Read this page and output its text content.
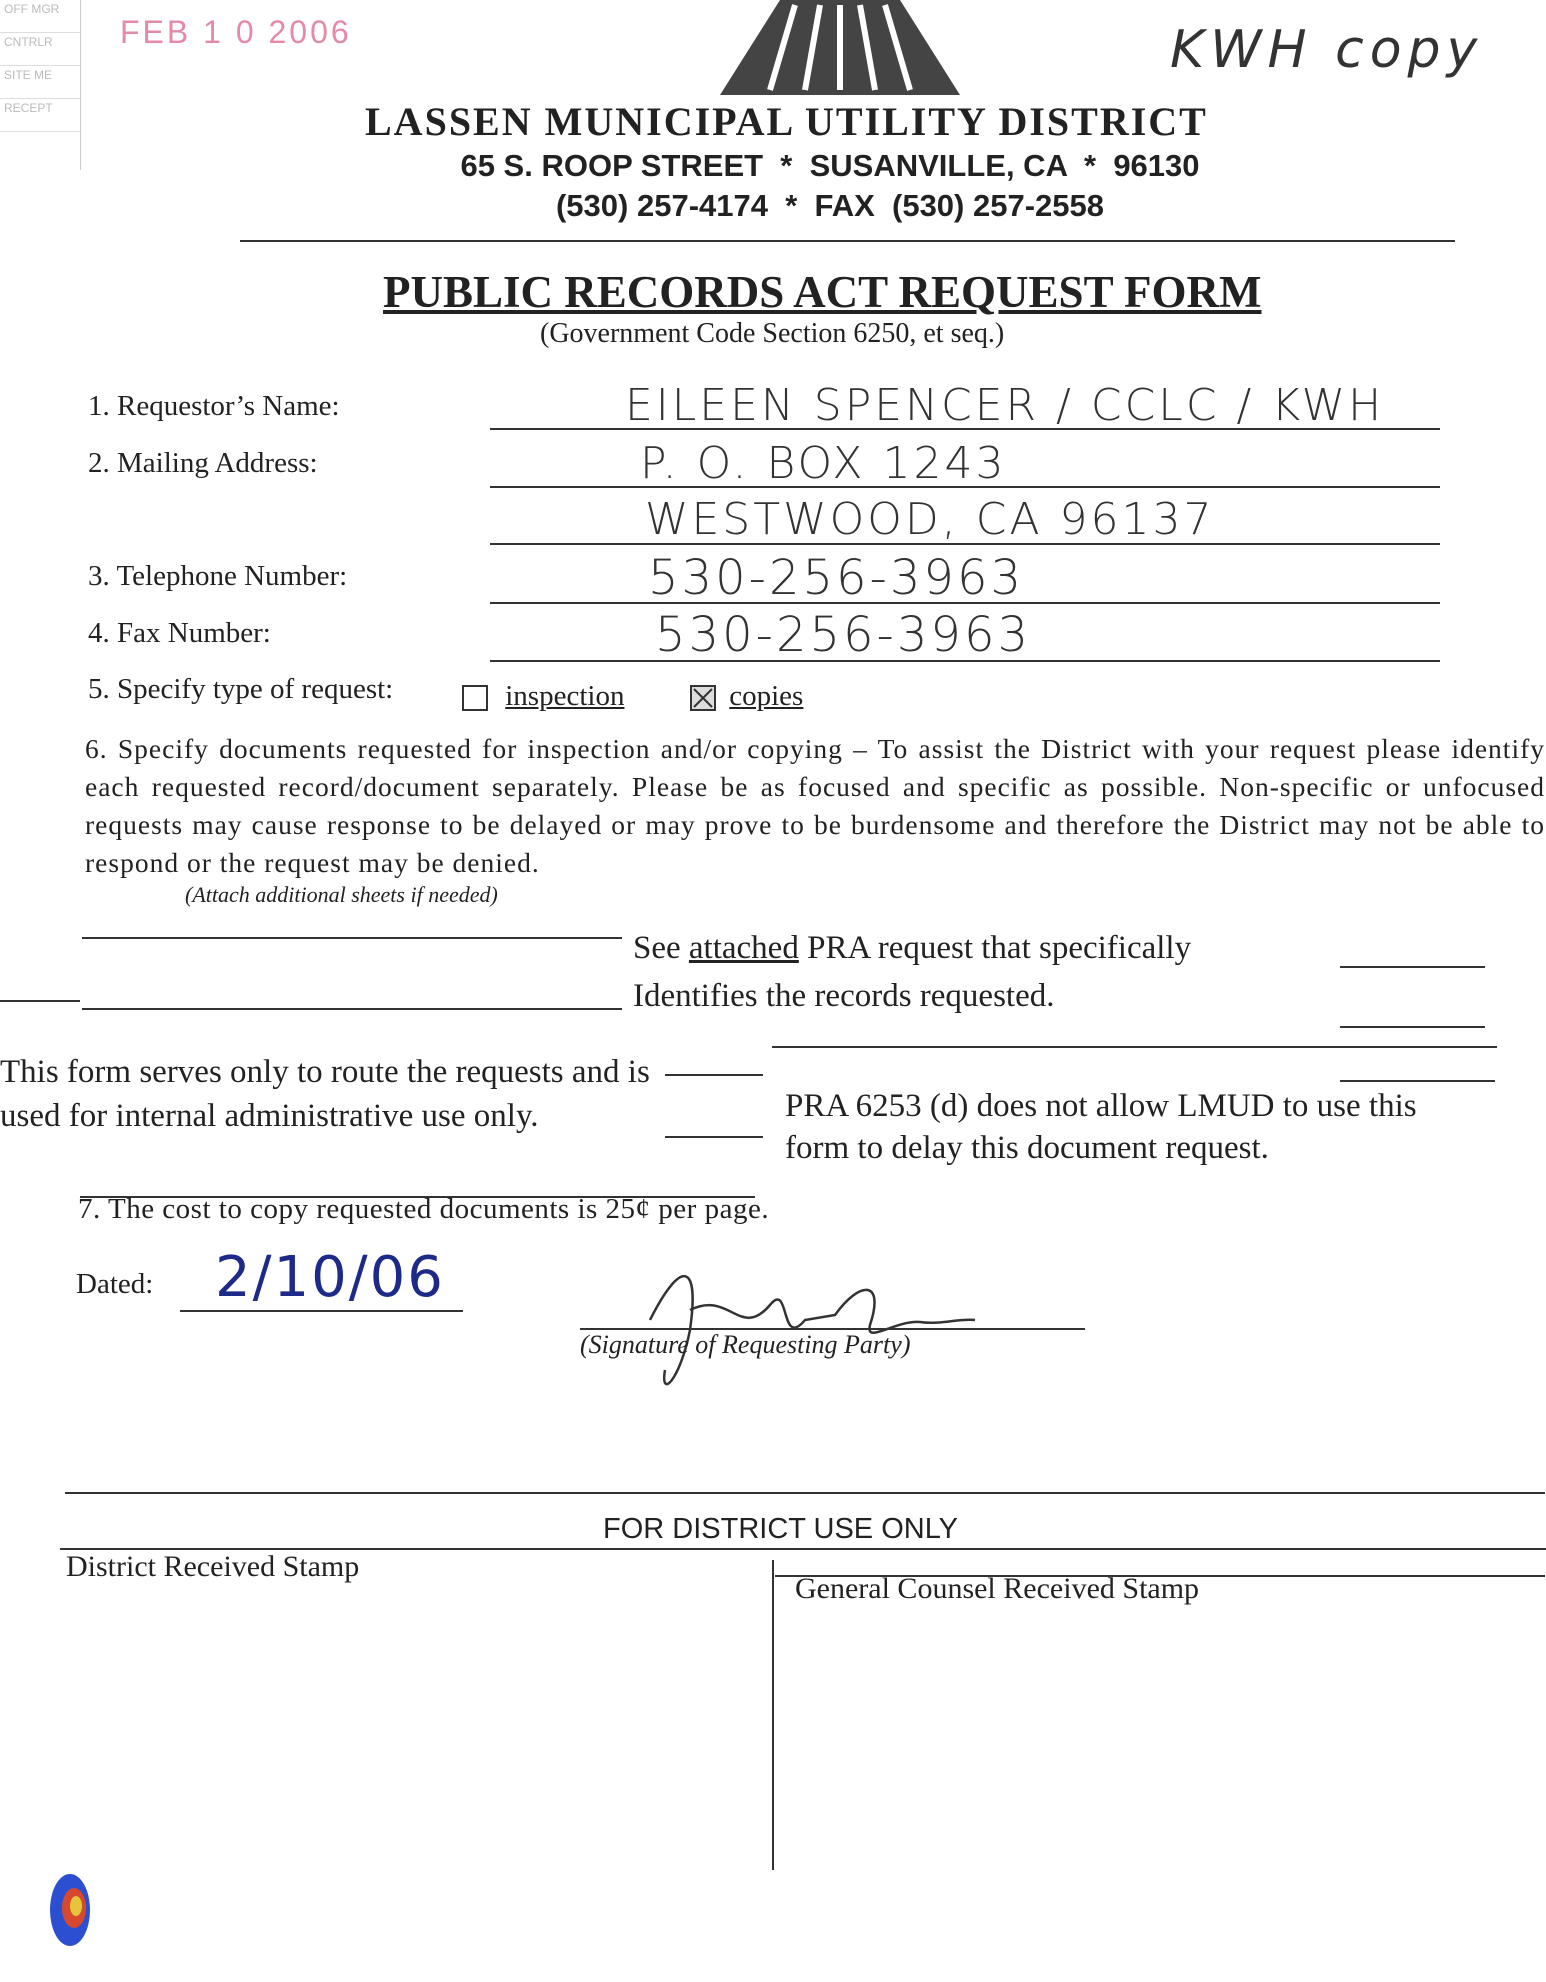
OFF MGR
CNTRLR
SITE ME
RECEPT
FEB 1 0 2006	KWH copy
LASSEN MUNICIPAL UTILITY DISTRICT
65 S. ROOP STREET  *  SUSANVILLE, CA  *  96130
(530) 257-4174  *  FAX  (530) 257-2558
PUBLIC RECORDS ACT REQUEST FORM
(Government Code Section 6250, et seq.)
1. Requestor’s Name:	EILEEN SPENCER / CCLC / KWH
2. Mailing Address:	P. O. BOX 1243
WESTWOOD, CA 96137
3. Telephone Number:	530-256-3963
4. Fax Number:	530-256-3963
5. Specify type of request:	inspection	copies
6. Specify documents requested for inspection and/or copying – To assist the District with your request please identify each requested record/document separately. Please be as focused and specific as possible. Non-specific or unfocused requests may cause response to be delayed or may prove to be burdensome and therefore the District may not be able to respond or the request may be denied.
(Attach additional sheets if needed)
See attached PRA request that specifically
Identifies the records requested.
This form serves only to route the requests and is used for internal administrative use only.	PRA 6253 (d) does not allow LMUD to use this form to delay this document request.
7. The cost to copy requested documents is 25¢ per page.
Dated: 2/10/06
(Signature of Requesting Party)
FOR DISTRICT USE ONLY
District Received Stamp
General Counsel Received Stamp
